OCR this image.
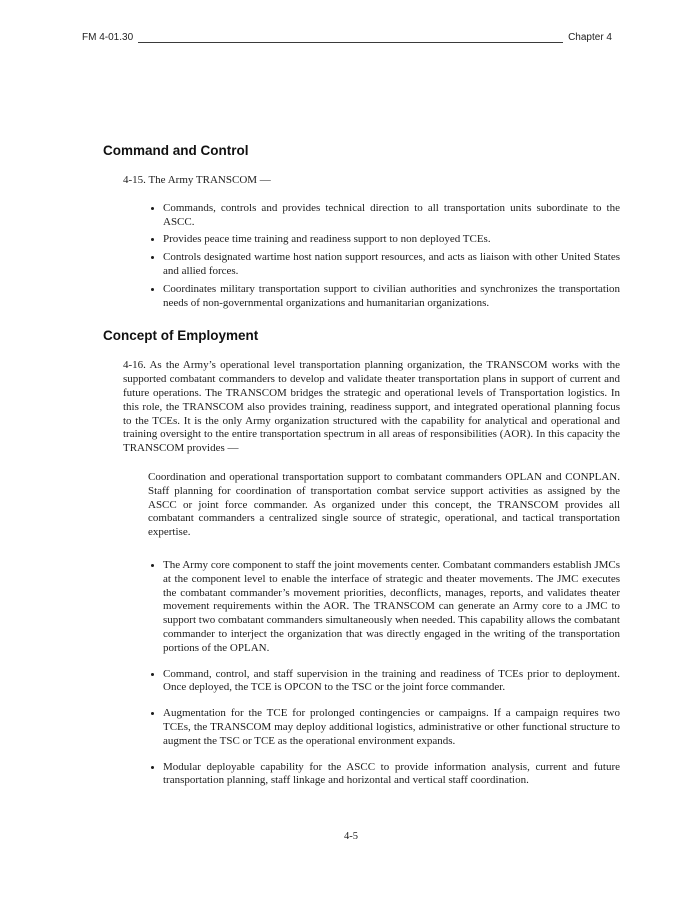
FM 4-01.30	Chapter 4
Command and Control

4-15. The Army TRANSCOM —

• Commands, controls and provides technical direction to all transportation units subordinate to the ASCC.
• Provides peace time training and readiness support to non deployed TCEs.
• Controls designated wartime host nation support resources, and acts as liaison with other United States and allied forces.
• Coordinates military transportation support to civilian authorities and synchronizes the transportation needs of non-governmental organizations and humanitarian organizations.
Concept of Employment

4-16. As the Army’s operational level transportation planning organization, the TRANSCOM works with the supported combatant commanders to develop and validate theater transportation plans in support of current and future operations. The TRANSCOM bridges the strategic and operational levels of Transportation logistics. In this role, the TRANSCOM also provides training, readiness support, and integrated operational planning focus to the TCEs. It is the only Army organization structured with the capability for analytical and operational and training oversight to the entire transportation spectrum in all areas of responsibilities (AOR). In this capacity the TRANSCOM provides —

Coordination and operational transportation support to combatant commanders OPLAN and CONPLAN. Staff planning for coordination of transportation combat service support activities as assigned by the ASCC or joint force commander. As organized under this concept, the TRANSCOM provides all combatant commanders a centralized single source of strategic, operational, and tactical transportation expertise.

• The Army core component to staff the joint movements center. Combatant commanders establish JMCs at the component level to enable the interface of strategic and theater movements. The JMC executes the combatant commander’s movement priorities, deconflicts, manages, reports, and validates theater movement requirements within the AOR. The TRANSCOM can generate an Army core to a JMC to support two combatant commanders simultaneously when needed. This capability allows the combatant commander to interject the organization that was directly engaged in the writing of the transportation portions of the OPLAN.
• Command, control, and staff supervision in the training and readiness of TCEs prior to deployment. Once deployed, the TCE is OPCON to the TSC or the joint force commander.
• Augmentation for the TCE for prolonged contingencies or campaigns. If a campaign requires two TCEs, the TRANSCOM may deploy additional logistics, administrative or other functional structure to augment the TSC or TCE as the operational environment expands.
• Modular deployable capability for the ASCC to provide information analysis, current and future transportation planning, staff linkage and horizontal and vertical staff coordination.
4-5
